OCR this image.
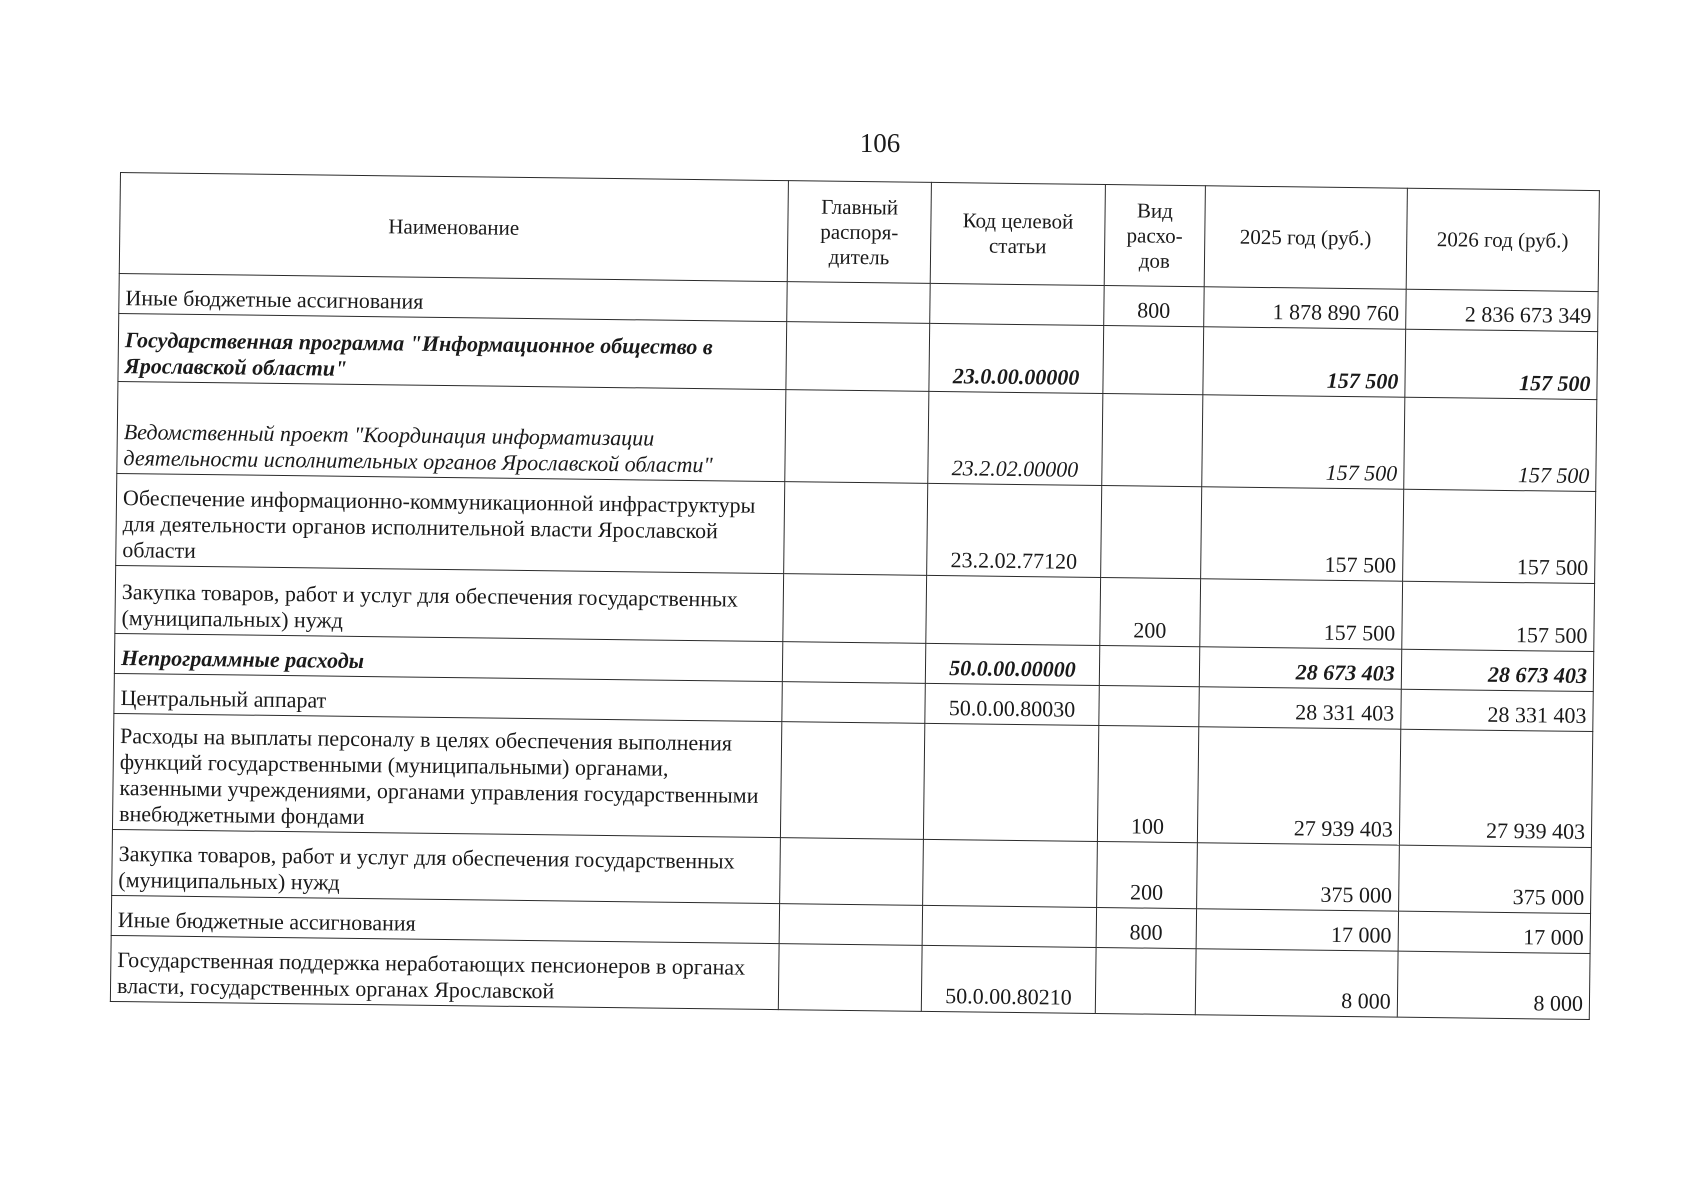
106
Наименование	Главный распоря-дитель	Код целевой статьи	Вид расхо-дов	2025 год (руб.)	2026 год (руб.)
Иные бюджетные ассигнования			800	1 878 890 760	2 836 673 349
Государственная программа "Информационное общество в Ярославской области"		23.0.00.00000		157 500	157 500
Ведомственный проект "Координация информатизации деятельности исполнительных органов Ярославской области"		23.2.02.00000		157 500	157 500
Обеспечение информационно-коммуникационной инфраструктуры для деятельности органов исполнительной власти Ярославской области		23.2.02.77120		157 500	157 500
Закупка товаров, работ и услуг для обеспечения государственных (муниципальных) нужд			200	157 500	157 500
Непрограммные расходы		50.0.00.00000		28 673 403	28 673 403
Центральный аппарат		50.0.00.80030		28 331 403	28 331 403
Расходы на выплаты персоналу в целях обеспечения выполнения функций государственными (муниципальными) органами, казенными учреждениями, органами управления государственными внебюджетными фондами			100	27 939 403	27 939 403
Закупка товаров, работ и услуг для обеспечения государственных (муниципальных) нужд			200	375 000	375 000
Иные бюджетные ассигнования			800	17 000	17 000
Государственная поддержка неработающих пенсионеров в органах власти, государственных органах Ярославской		50.0.00.80210		8 000	8 000
